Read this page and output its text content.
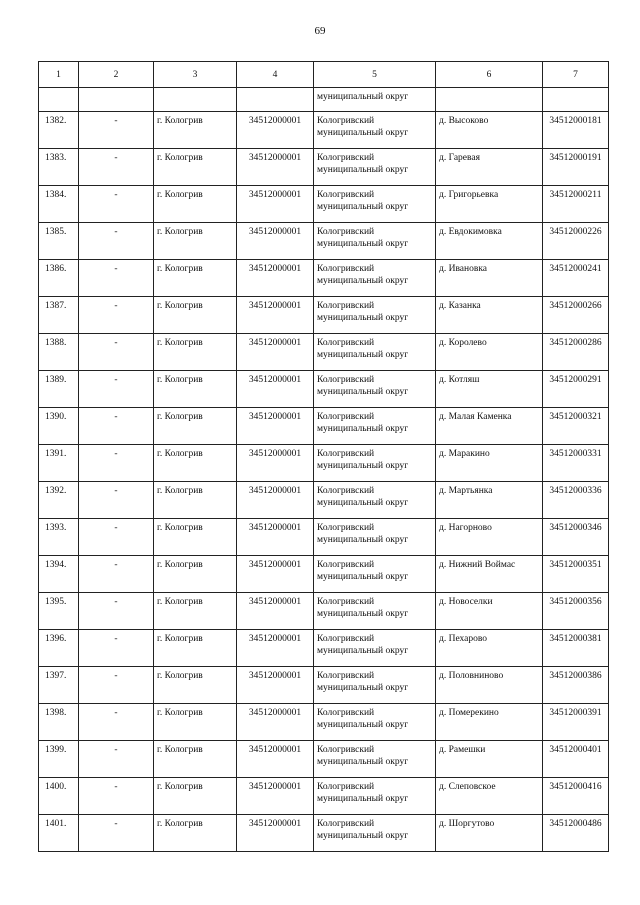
69
1	2	3	4	5	6	7
				муниципальный округ		
1382.	-	г. Кологрив	34512000001	Кологривский муниципальный округ	д. Высоково	34512000181
1383.	-	г. Кологрив	34512000001	Кологривский муниципальный округ	д. Гаревая	34512000191
1384.	-	г. Кологрив	34512000001	Кологривский муниципальный округ	д. Григорьевка	34512000211
1385.	-	г. Кологрив	34512000001	Кологривский муниципальный округ	д. Евдокимовка	34512000226
1386.	-	г. Кологрив	34512000001	Кологривский муниципальный округ	д. Ивановка	34512000241
1387.	-	г. Кологрив	34512000001	Кологривский муниципальный округ	д. Казанка	34512000266
1388.	-	г. Кологрив	34512000001	Кологривский муниципальный округ	д. Королево	34512000286
1389.	-	г. Кологрив	34512000001	Кологривский муниципальный округ	д. Котляш	34512000291
1390.	-	г. Кологрив	34512000001	Кологривский муниципальный округ	д. Малая Каменка	34512000321
1391.	-	г. Кологрив	34512000001	Кологривский муниципальный округ	д. Маракино	34512000331
1392.	-	г. Кологрив	34512000001	Кологривский муниципальный округ	д. Мартьянка	34512000336
1393.	-	г. Кологрив	34512000001	Кологривский муниципальный округ	д. Нагорново	34512000346
1394.	-	г. Кологрив	34512000001	Кологривский муниципальный округ	д. Нижний Воймас	34512000351
1395.	-	г. Кологрив	34512000001	Кологривский муниципальный округ	д. Новоселки	34512000356
1396.	-	г. Кологрив	34512000001	Кологривский муниципальный округ	д. Пехарово	34512000381
1397.	-	г. Кологрив	34512000001	Кологривский муниципальный округ	д. Половниново	34512000386
1398.	-	г. Кологрив	34512000001	Кологривский муниципальный округ	д. Померекино	34512000391
1399.	-	г. Кологрив	34512000001	Кологривский муниципальный округ	д. Рамешки	34512000401
1400.	-	г. Кологрив	34512000001	Кологривский муниципальный округ	д. Слеповское	34512000416
1401.	-	г. Кологрив	34512000001	Кологривский муниципальный округ	д. Шоргутово	34512000486
